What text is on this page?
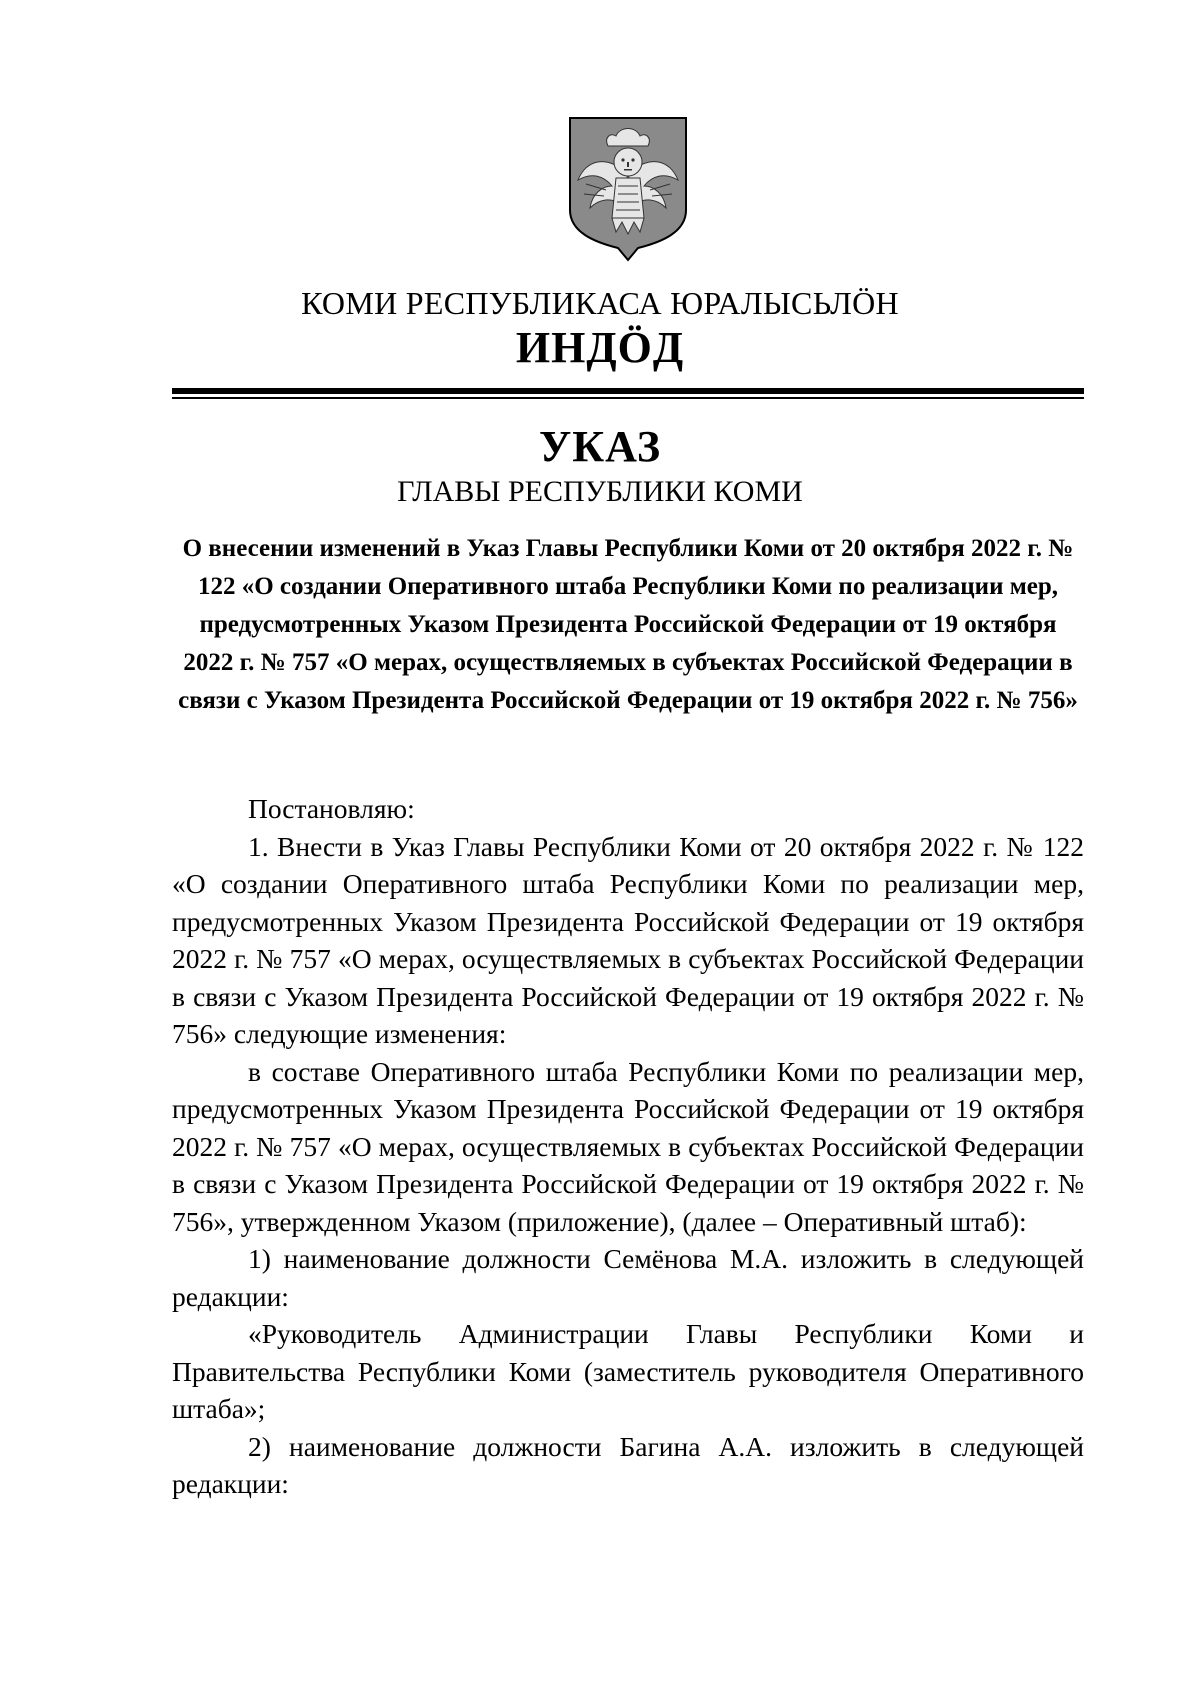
КОМИ РЕСПУБЛИКАСА ЮРАЛЫСЬЛӦН
ИНДӦД
УКАЗ
ГЛАВЫ РЕСПУБЛИКИ КОМИ
О внесении изменений в Указ Главы Республики Коми от 20 октября 2022 г. № 122 «О создании Оперативного штаба Республики Коми по реализации мер, предусмотренных Указом Президента Российской Федерации от 19 октября 2022 г. № 757 «О мерах, осуществляемых в субъектах Российской Федерации в связи с Указом Президента Российской Федерации от 19 октября 2022 г. № 756»

Постановляю:

1. Внести в Указ Главы Республики Коми от 20 октября 2022 г. № 122 «О создании Оперативного штаба Республики Коми по реализации мер, предусмотренных Указом Президента Российской Федерации от 19 октября 2022 г. № 757 «О мерах, осуществляемых в субъектах Российской Федерации в связи с Указом Президента Российской Федерации от 19 октября 2022 г. № 756» следующие изменения:

в составе Оперативного штаба Республики Коми по реализации мер, предусмотренных Указом Президента Российской Федерации от 19 октября 2022 г. № 757 «О мерах, осуществляемых в субъектах Российской Федерации в связи с Указом Президента Российской Федерации от 19 октября 2022 г. № 756», утвержденном Указом (приложение), (далее – Оперативный штаб):

1) наименование должности Семёнова М.А. изложить в следующей редакции:

«Руководитель Администрации Главы Республики Коми и Правительства Республики Коми (заместитель руководителя Оперативного штаба»;

2) наименование должности Багина А.А. изложить в следующей редакции:
